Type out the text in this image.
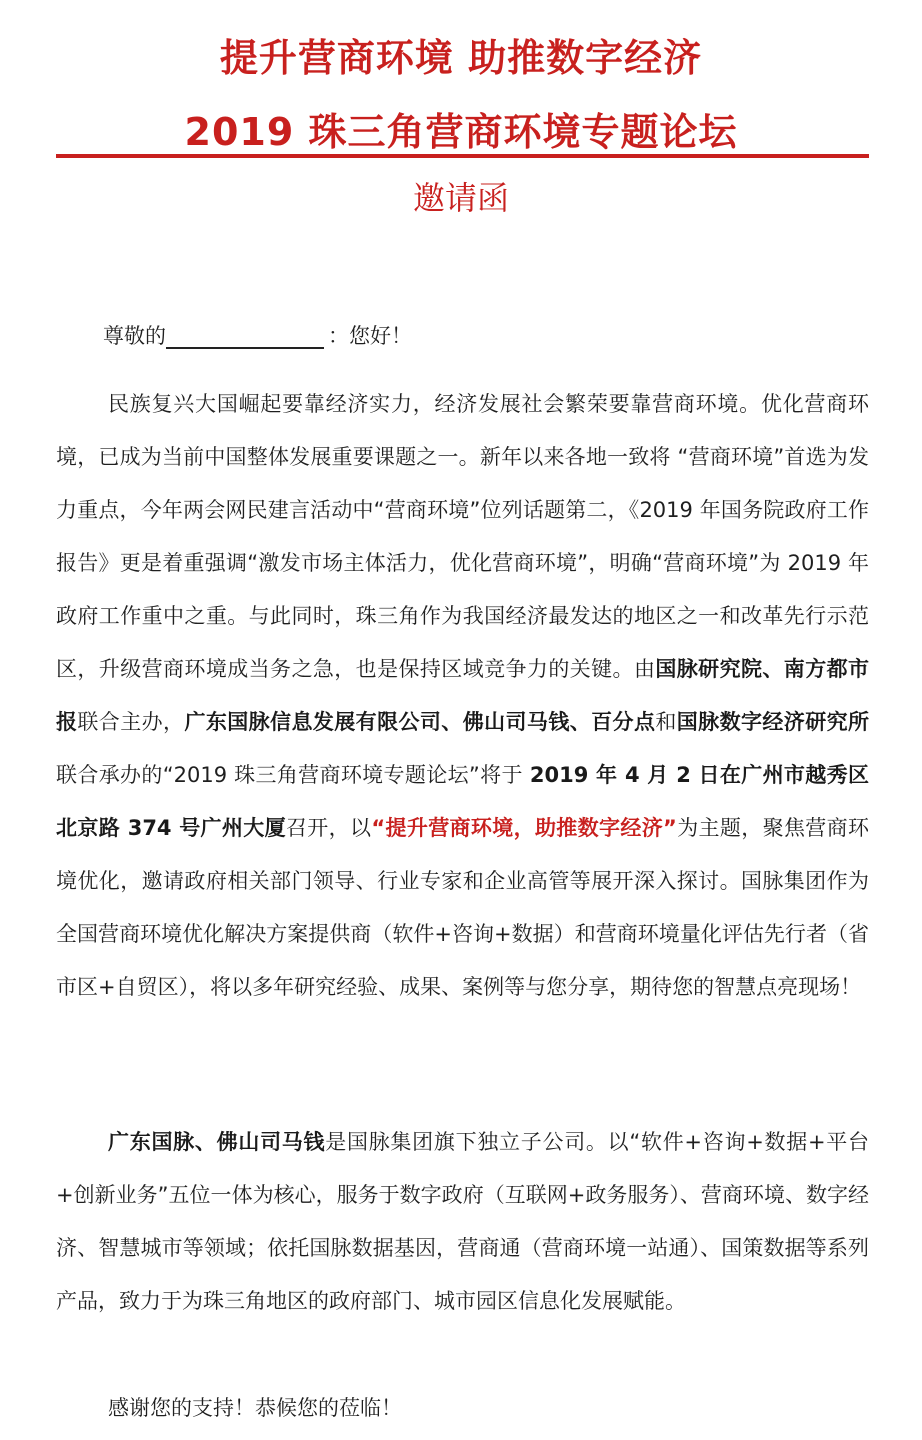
提升营商环境 助推数字经济
2019 珠三角营商环境专题论坛
邀请函
尊敬的	：您好！

民族复兴大国崛起要靠经济实力，经济发展社会繁荣要靠营商环境。优化营商环境，已成为当前中国整体发展重要课题之一。新年以来各地一致将 “营商环境”首选为发力重点，今年两会网民建言活动中“营商环境”位列话题第二，《2019 年国务院政府工作报告》更是着重强调“激发市场主体活力，优化营商环境”，明确“营商环境”为 2019 年政府工作重中之重。与此同时，珠三角作为我国经济最发达的地区之一和改革先行示范区，升级营商环境成当务之急，也是保持区域竞争力的关键。由国脉研究院、南方都市报联合主办，广东国脉信息发展有限公司、佛山司马钱、百分点和国脉数字经济研究所联合承办的“2019 珠三角营商环境专题论坛”将于 2019 年 4 月 2 日在广州市越秀区北京路 374 号广州大厦召开，以“提升营商环境，助推数字经济”为主题，聚焦营商环境优化，邀请政府相关部门领导、行业专家和企业高管等展开深入探讨。国脉集团作为全国营商环境优化解决方案提供商（软件+咨询+数据）和营商环境量化评估先行者（省市区+自贸区），将以多年研究经验、成果、案例等与您分享，期待您的智慧点亮现场！

广东国脉、佛山司马钱是国脉集团旗下独立子公司。以“软件+咨询+数据+平台+创新业务”五位一体为核心，服务于数字政府（互联网+政务服务）、营商环境、数字经济、智慧城市等领域；依托国脉数据基因，营商通（营商环境一站通）、国策数据等系列产品，致力于为珠三角地区的政府部门、城市园区信息化发展赋能。

感谢您的支持！恭候您的莅临！
